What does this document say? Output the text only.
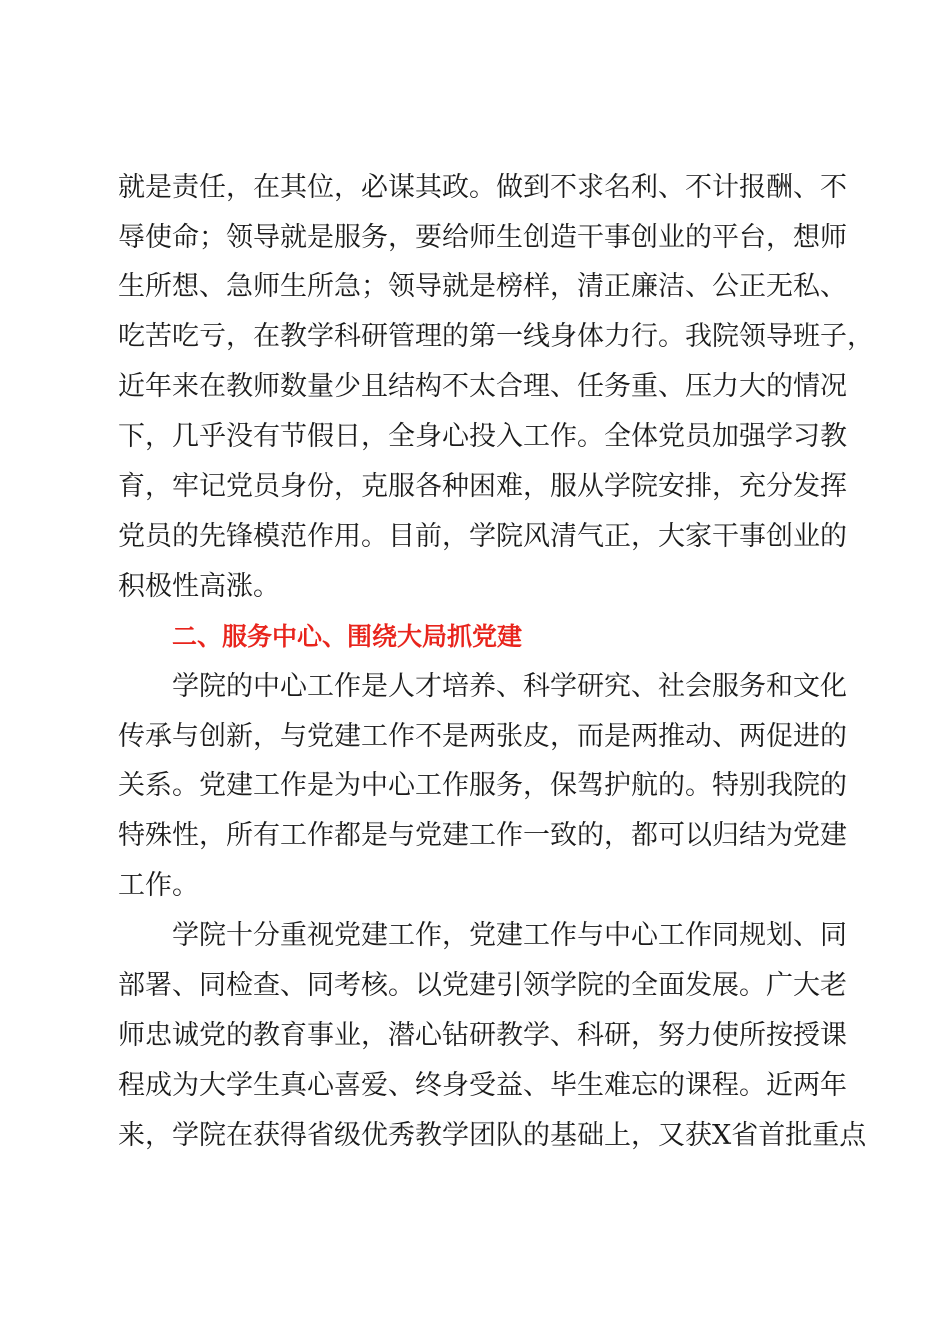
就是责任，在其位，必谋其政。做到不求名利、不计报酬、不
辱使命；领导就是服务，要给师生创造干事创业的平台，想师
生所想、急师生所急；领导就是榜样，清正廉洁、公正无私、
吃苦吃亏，在教学科研管理的第一线身体力行。我院领导班子，
近年来在教师数量少且结构不太合理、任务重、压力大的情况
下，几乎没有节假日，全身心投入工作。全体党员加强学习教
育，牢记党员身份，克服各种困难，服从学院安排，充分发挥
党员的先锋模范作用。目前，学院风清气正，大家干事创业的
积极性高涨。
二、服务中心、围绕大局抓党建
学院的中心工作是人才培养、科学研究、社会服务和文化
传承与创新，与党建工作不是两张皮，而是两推动、两促进的
关系。党建工作是为中心工作服务，保驾护航的。特别我院的
特殊性，所有工作都是与党建工作一致的，都可以归结为党建
工作。
学院十分重视党建工作，党建工作与中心工作同规划、同
部署、同检查、同考核。以党建引领学院的全面发展。广大老
师忠诚党的教育事业，潜心钻研教学、科研，努力使所按授课
程成为大学生真心喜爱、终身受益、毕生难忘的课程。近两年
来，学院在获得省级优秀教学团队的基础上，又获X省首批重点
